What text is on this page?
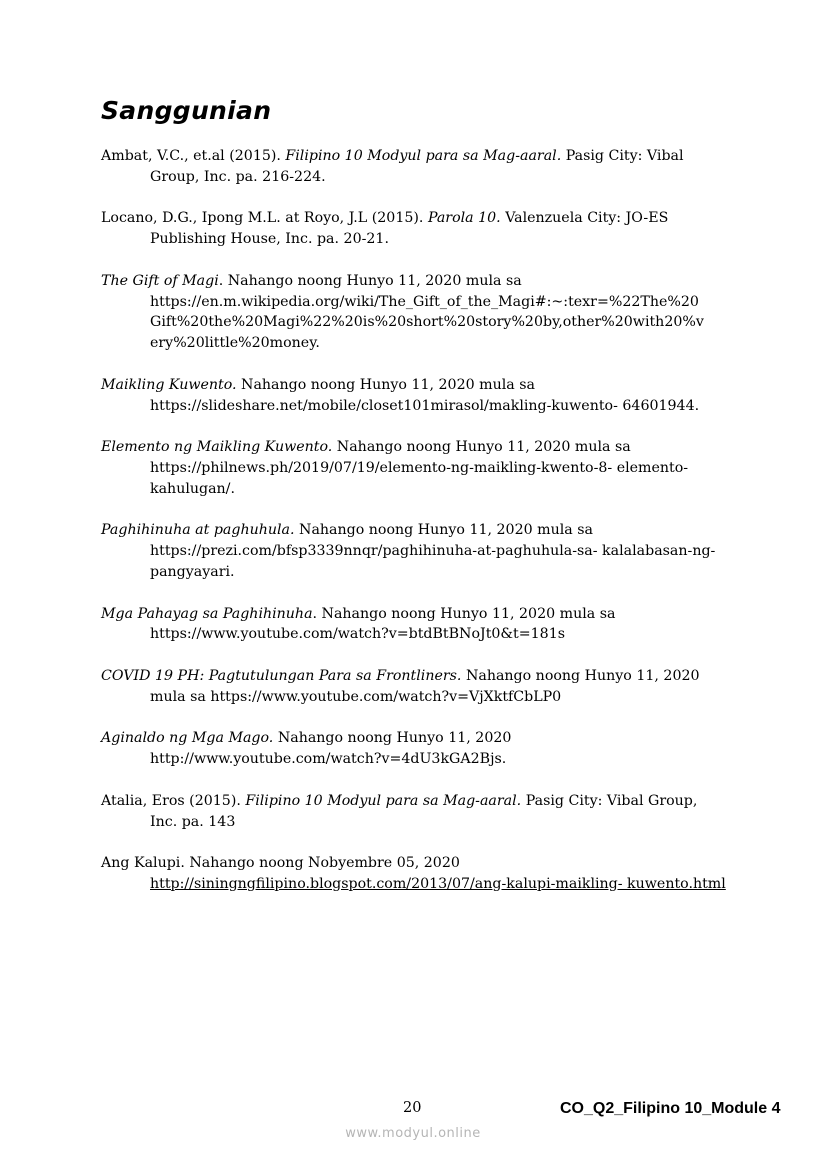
Sanggunian

Ambat, V.C., et.al (2015). Filipino 10 Modyul para sa Mag-aaral. Pasig City: Vibal Group, Inc. pa. 216-224.

Locano, D.G., Ipong M.L. at Royo, J.L (2015). Parola 10. Valenzuela City: JO-ES Publishing House, Inc. pa. 20-21.

The Gift of Magi. Nahango noong Hunyo 11, 2020 mula sa https://en.m.wikipedia.org/wiki/The_Gift_of_the_Magi#:~:texr=%22The%20 Gift%20the%20Magi%22%20is%20short%20story%20by,other%20with20%v ery%20little%20money.

Maikling Kuwento. Nahango noong Hunyo 11, 2020 mula sa https://slideshare.net/mobile/closet101mirasol/makling-kuwento- 64601944.

Elemento ng Maikling Kuwento. Nahango noong Hunyo 11, 2020 mula sa https://philnews.ph/2019/07/19/elemento-ng-maikling-kwento-8- elemento-kahulugan/.

Paghihinuha at paghuhula. Nahango noong Hunyo 11, 2020 mula sa https://prezi.com/bfsp3339nnqr/paghihinuha-at-paghuhula-sa- kalalabasan-ng-pangyayari.

Mga Pahayag sa Paghihinuha. Nahango noong Hunyo 11, 2020 mula sa https://www.youtube.com/watch?v=btdBtBNoJt0&t=181s

COVID 19 PH: Pagtutulungan Para sa Frontliners. Nahango noong Hunyo 11, 2020 mula sa https://www.youtube.com/watch?v=VjXktfCbLP0

Aginaldo ng Mga Mago. Nahango noong Hunyo 11, 2020 http://www.youtube.com/watch?v=4dU3kGA2Bjs.

Atalia, Eros (2015). Filipino 10 Modyul para sa Mag-aaral. Pasig City: Vibal Group, Inc. pa. 143

Ang Kalupi. Nahango noong Nobyembre 05, 2020 http://siningngfilipino.blogspot.com/2013/07/ang-kalupi-maikling- kuwento.html

20	CO_Q2_Filipino 10_Module 4
www.modyul.online
